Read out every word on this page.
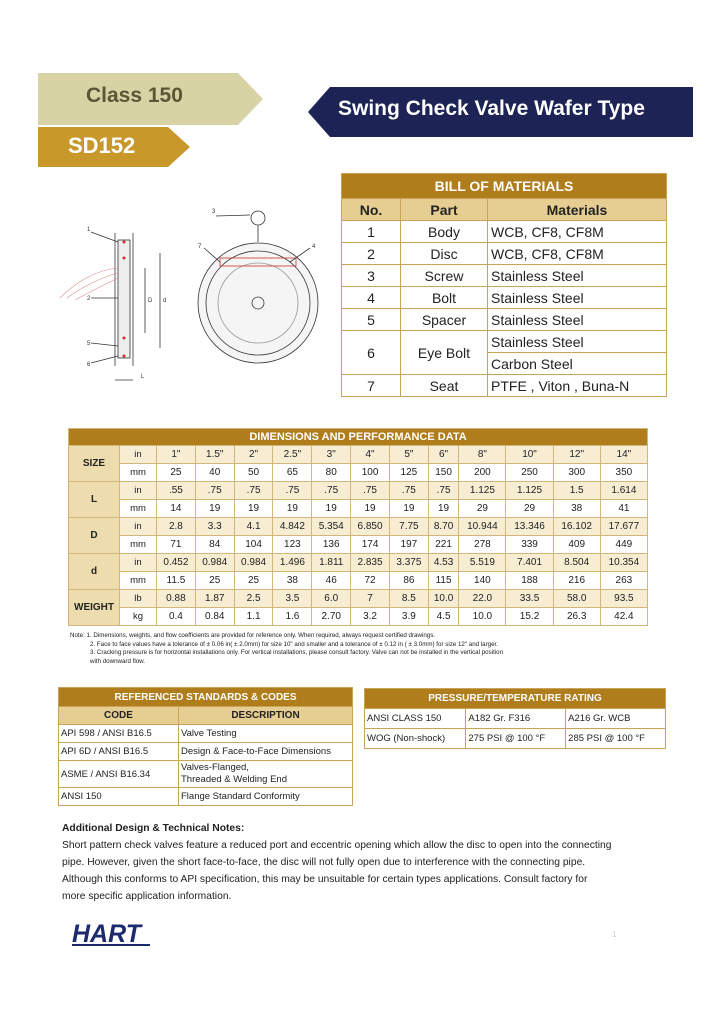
Class 150
SD152
Swing Check Valve Wafer Type
1
2
5
6
L
D d
3
7	4
BILL OF MATERIALS		
No.	Part	Materials
1	Body	WCB, CF8, CF8M
2	Disc	WCB, CF8, CF8M
3	Screw	Stainless Steel
4	Bolt	Stainless Steel
5	Spacer	Stainless Steel
6	Eye Bolt	Stainless Steel
		Carbon Steel
7	Seat	PTFE , Viton , Buna-N
DIMENSIONS AND PERFORMANCE DATA													
SIZE	in	1"	1.5"	2"	2.5"	3"	4"	5"	6"	8"	10"	12"	14"
	mm	25	40	50	65	80	100	125	150	200	250	300	350
L	in	.55	.75	.75	.75	.75	.75	.75	.75	1.125	1.125	1.5	1.614
	mm	14	19	19	19	19	19	19	19	29	29	38	41
D	in	2.8	3.3	4.1	4.842	5.354	6.850	7.75	8.70	10.944	13.346	16.102	17.677
	mm	71	84	104	123	136	174	197	221	278	339	409	449
d	in	0.452	0.984	0.984	1.496	1.811	2.835	3.375	4.53	5.519	7.401	8.504	10.354
	mm	11.5	25	25	38	46	72	86	115	140	188	216	263
WEIGHT	lb	0.88	1.87	2.5	3.5	6.0	7	8.5	10.0	22.0	33.5	58.0	93.5
	kg	0.4	0.84	1.1	1.6	2.70	3.2	3.9	4.5	10.0	15.2	26.3	42.4
Note: 1. Dimensions, weights, and flow coefficients are provided for reference only. When required, always request certified drawings.
2. Face to face values have a tolerance of ± 0.06 in( ± 2.0mm) for size 10" and smaller and a tolerance of ± 0.12 in ( ± 3.0mm) for size 12" and larger.
3. Cracking pressure is for horizontal installations only. For vertical installations, please consult factory. Valve can not be installed in the vertical position
with downward flow.
REFERENCED STANDARDS & CODES	
CODE	DESCRIPTION
API 598 / ANSI B16.5	Valve Testing
API 6D / ANSI B16.5	Design & Face-to-Face Dimensions
ASME / ANSI B16.34	Valves-Flanged,
Threaded & Welding End
ANSI 150	Flange Standard Conformity
PRESSURE/TEMPERATURE RATING		
ANSI CLASS 150	A182 Gr. F316	A216 Gr. WCB
WOG (Non-shock)	275 PSI @ 100 °F	285 PSI @ 100 °F
Additional Design & Technical Notes:
Short pattern check valves feature a reduced port and eccentric opening which allow the disc to open into the connecting
pipe. However, given the short face-to-face, the disc will not fully open due to interference with the connecting pipe.
Although this conforms to API specification, this may be unsuitable for certain types applications. Consult factory for
more specific application information.
HART	1
